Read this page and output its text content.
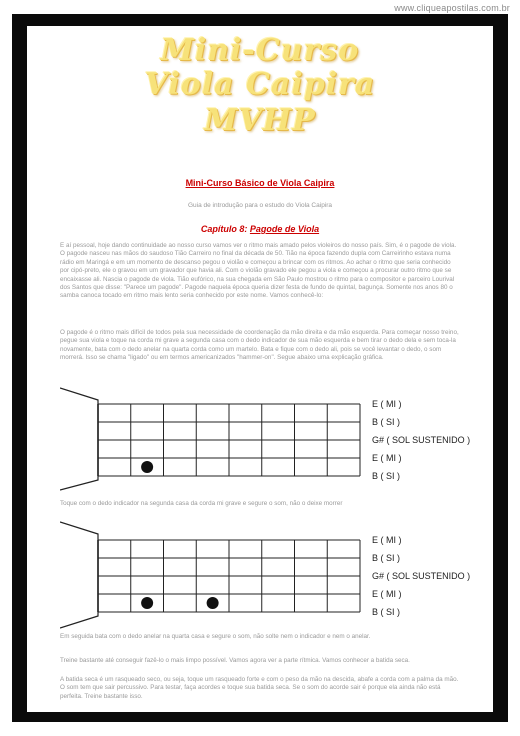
www.cliqueapostilas.com.br
Mini-Curso
Viola Caipira
MVHP
Mini-Curso Básico de Viola Caipira
Guia de introdução para o estudo do Viola Caipira
Capítulo 8: Pagode de Viola

E aí pessoal, hoje dando continuidade ao nosso curso vamos ver o ritmo mais amado pelos violeiros do nosso país. Sim, é o pagode de viola. O pagode nasceu nas mãos do saudoso Tião Carreiro no final da década de 50. Tião na época fazendo dupla com Carreirinho estava numa rádio em Maringá e em um momento de descanso pegou o violão e começou a brincar com os ritmos. Ao achar o ritmo que seria conhecido por cipó-preto, ele o gravou em um gravador que havia ali. Com o violão gravado ele pegou a viola e começou a procurar outro ritmo que se encaixasse ali. Nascia o pagode de viola. Tião eufórico, na sua chegada em São Paulo mostrou o ritmo para o compositor e parceiro Lourival dos Santos que disse: "Parece um pagode". Pagode naquela época queria dizer festa de fundo de quintal, bagunça. Somente nos anos 80 o samba canoca tocado em ritmo mais lento seria conhecido por este nome. Vamos conhecê-lo:

O pagode é o ritmo mais difícil de todos pela sua necessidade de coordenação da mão direita e da mão esquerda. Para começar nosso treino, pegue sua viola e toque na corda mi grave a segunda casa com o dedo indicador de sua mão esquerda e bem tirar o dedo dela e sem toca-la novamente, bata com o dedo anelar na quarta corda como um martelo. Bata e fique com o dedo ali, pois se você levantar o dedo, o som morrerá. Isso se chama "ligado" ou em termos americanizados "hammer-on". Segue abaixo uma explicação gráfica.

E ( MI )
B ( SI )
G# ( SOL SUSTENIDO )
E ( MI )
B ( SI )

Toque com o dedo indicador na segunda casa da corda mi grave e segure o som, não o deixe morrer

E ( MI )
B ( SI )
G# ( SOL SUSTENIDO )
E ( MI )
B ( SI )

Em seguida bata com o dedo anelar na quarta casa e segure o som, não solte nem o indicador e nem o anelar.

Treine bastante até conseguir fazê-lo o mais limpo possível. Vamos agora ver a parte rítmica. Vamos conhecer a batida seca.

A batida seca é um rasqueado seco, ou seja, toque um rasqueado forte e com o peso da mão na descida, abafe a corda com a palma da mão. O som tem que sair percussivo. Para testar, faça acordes e toque sua batida seca. Se o som do acorde sair é porque ela ainda não está perfeita. Treine bastante isso.
